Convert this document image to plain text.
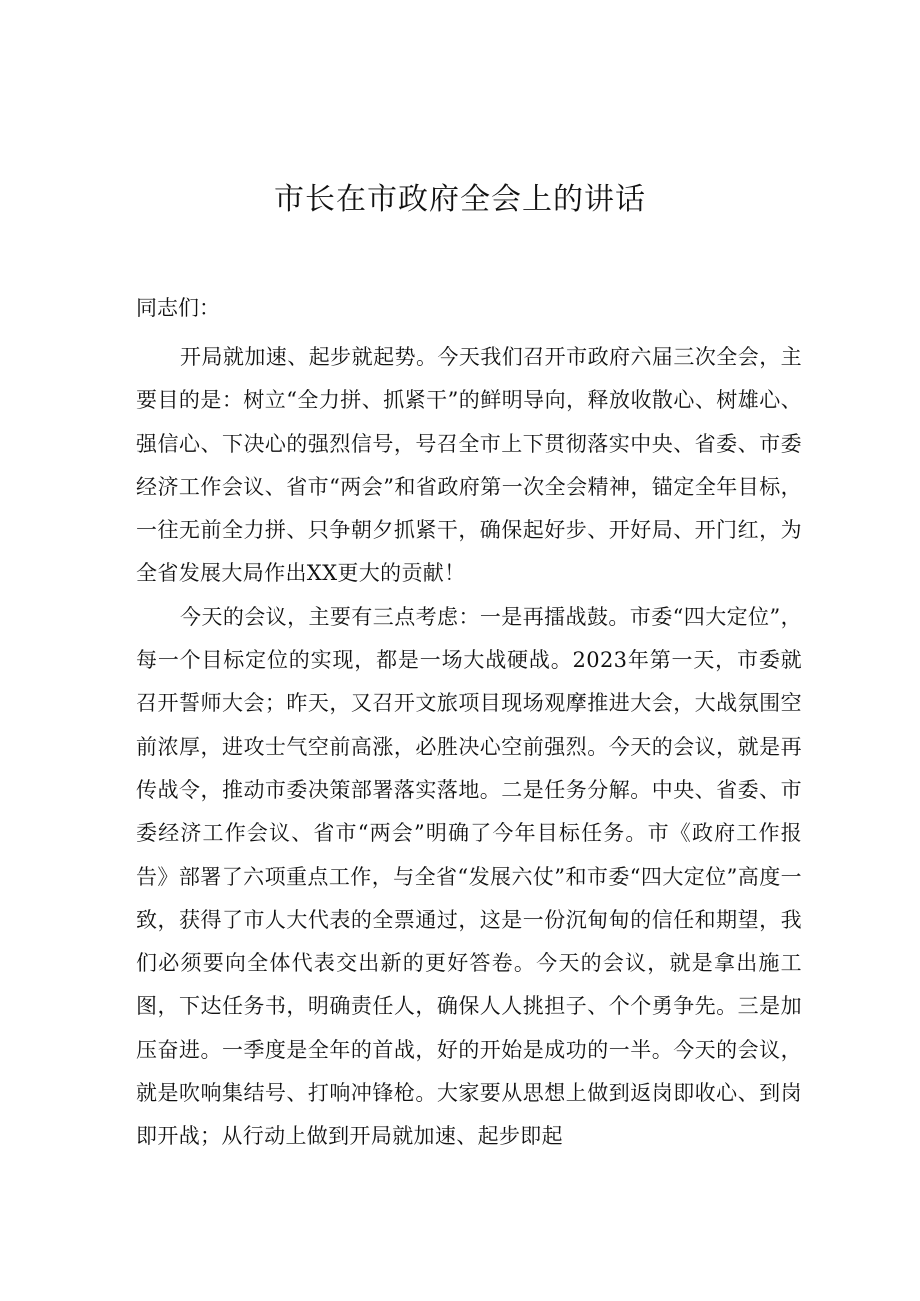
市长在市政府全会上的讲话

同志们：

开局就加速、起步就起势。今天我们召开市政府六届三次全会，主要目的是：树立“全力拼、抓紧干”的鲜明导向，释放收散心、树雄心、强信心、下决心的强烈信号，号召全市上下贯彻落实中央、省委、市委经济工作会议、省市“两会”和省政府第一次全会精神，锚定全年目标，一往无前全力拼、只争朝夕抓紧干，确保起好步、开好局、开门红，为全省发展大局作出XX更大的贡献！

今天的会议，主要有三点考虑：一是再擂战鼓。市委“四大定位”，每一个目标定位的实现，都是一场大战硬战。2023年第一天，市委就召开誓师大会；昨天，又召开文旅项目现场观摩推进大会，大战氛围空前浓厚，进攻士气空前高涨，必胜决心空前强烈。今天的会议，就是再传战令，推动市委决策部署落实落地。二是任务分解。中央、省委、市委经济工作会议、省市“两会”明确了今年目标任务。市《政府工作报告》部署了六项重点工作，与全省“发展六仗”和市委“四大定位”高度一致，获得了市人大代表的全票通过，这是一份沉甸甸的信任和期望，我们必须要向全体代表交出新的更好答卷。今天的会议，就是拿出施工图，下达任务书，明确责任人，确保人人挑担子、个个勇争先。三是加压奋进。一季度是全年的首战，好的开始是成功的一半。今天的会议，就是吹响集结号、打响冲锋枪。大家要从思想上做到返岗即收心、到岗即开战；从行动上做到开局就加速、起步即起
